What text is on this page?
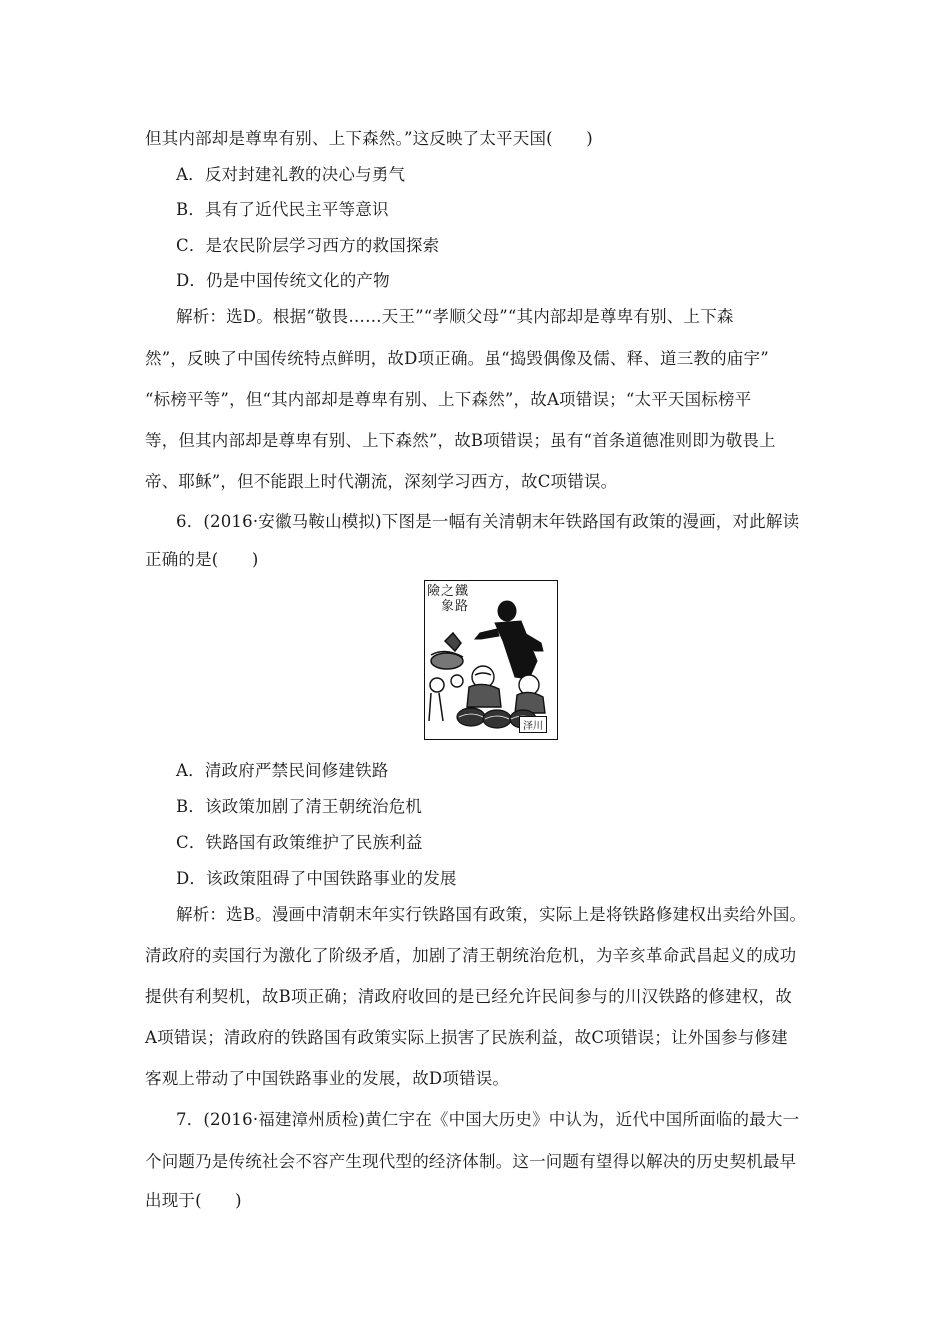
但其内部却是尊卑有别、上下森然。”这反映了太平天国(　　)
A．反对封建礼教的决心与勇气
B．具有了近代民主平等意识
C．是农民阶层学习西方的救国探索
D．仍是中国传统文化的产物
解析：选D。根据“敬畏……天王”“孝顺父母”“其内部却是尊卑有别、上下森
然”，反映了中国传统特点鲜明，故D项正确。虽“捣毁偶像及儒、释、道三教的庙宇”
“标榜平等”，但“其内部却是尊卑有别、上下森然”，故A项错误；“太平天国标榜平
等，但其内部却是尊卑有别、上下森然”，故B项错误；虽有“首条道德准则即为敬畏上
帝、耶稣”，但不能跟上时代潮流，深刻学习西方，故C项错误。
6．(2016·安徽马鞍山模拟)下图是一幅有关清朝末年铁路国有政策的漫画，对此解读
正确的是(　　)
鐵
路
之
象
險
泽川
A．清政府严禁民间修建铁路
B．该政策加剧了清王朝统治危机
C．铁路国有政策维护了民族利益
D．该政策阻碍了中国铁路事业的发展
解析：选B。漫画中清朝末年实行铁路国有政策，实际上是将铁路修建权出卖给外国。
清政府的卖国行为激化了阶级矛盾，加剧了清王朝统治危机，为辛亥革命武昌起义的成功
提供有利契机，故B项正确；清政府收回的是已经允许民间参与的川汉铁路的修建权，故
A项错误；清政府的铁路国有政策实际上损害了民族利益，故C项错误；让外国参与修建
客观上带动了中国铁路事业的发展，故D项错误。
7．(2016·福建漳州质检)黄仁宇在《中国大历史》中认为，近代中国所面临的最大一
个问题乃是传统社会不容产生现代型的经济体制。这一问题有望得以解决的历史契机最早
出现于(　　)
